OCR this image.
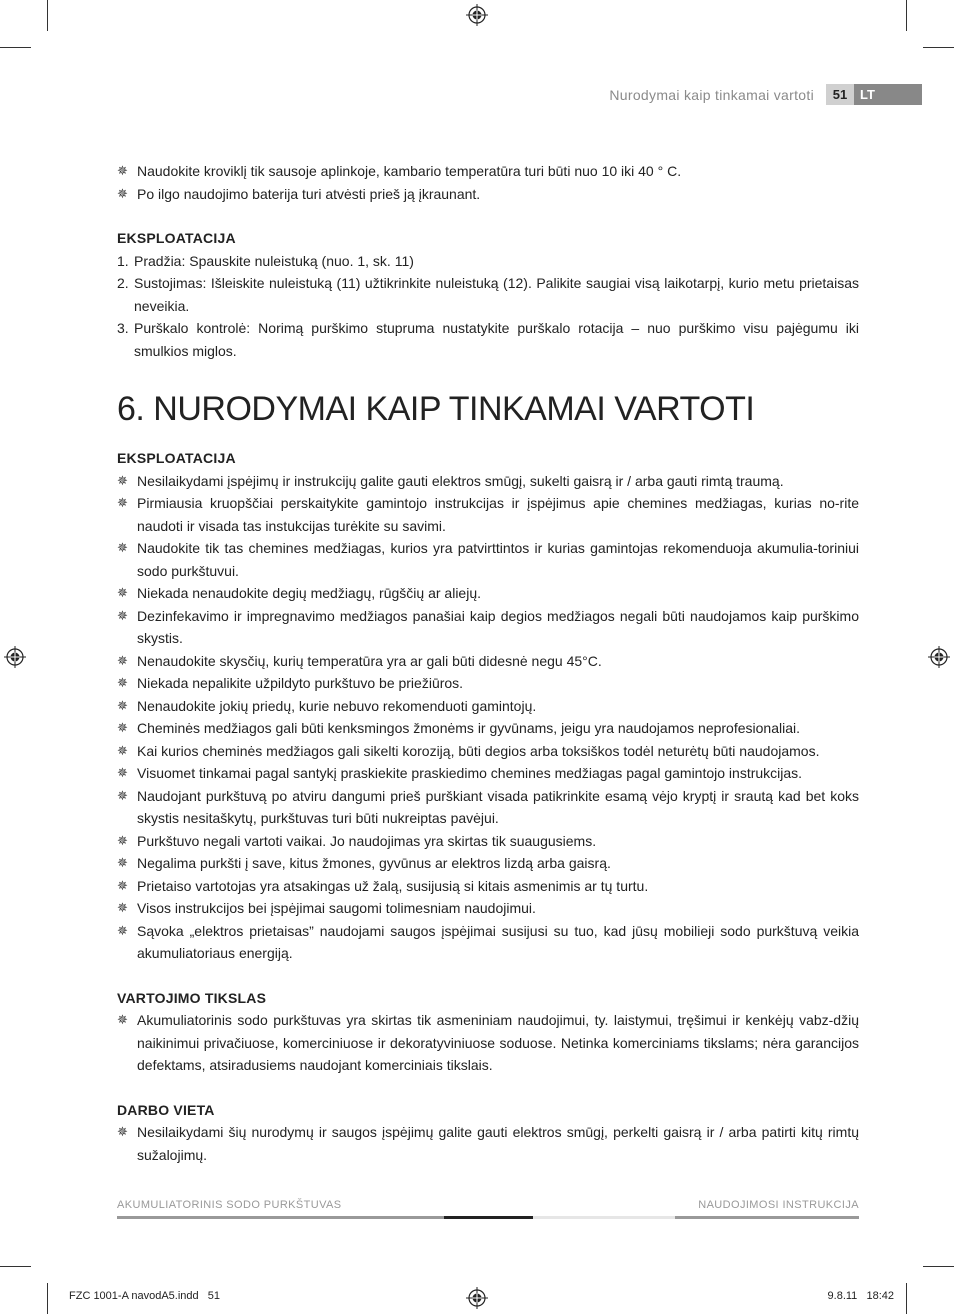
Nurodymai kaip tinkamai vartoti	51 LT
✵ Naudokite kroviklį tik sausoje aplinkoje, kambario temperatūra turi būti nuo 10 iki 40 ° C.
✵ Po ilgo naudojimo baterija turi atvėsti prieš ją įkraunant.
EKSPLOATACIJA
1. Pradžia: Spauskite nuleistuką (nuo. 1, sk. 11)
2. Sustojimas: Išleiskite nuleistuką (11) užtikrinkite nuleistuką (12). Palikite saugiai visą laikotarpį, kurio metu prietaisas neveikia.
3. Purškalo kontrolė: Norimą purškimo stupruma nustatykite purškalo rotacija – nuo purškimo visu pajėgumu iki smulkios miglos.
6. NURODYMAI KAIP TINKAMAI VARTOTI
EKSPLOATACIJA
✵ Nesilaikydami įspėjimų ir instrukcijų galite gauti elektros smūgį, sukelti gaisrą ir / arba gauti rimtą traumą.
✵ Pirmiausia kruopščiai perskaitykite gamintojo instrukcijas ir įspėjimus apie chemines medžiagas, kurias no-rite naudoti ir visada tas instukcijas turėkite su savimi.
✵ Naudokite tik tas chemines medžiagas, kurios yra patvirttintos ir kurias gamintojas rekomenduoja akumulia-toriniui sodo purkštuvui.
✵ Niekada nenaudokite degių medžiagų, rūgščių ar aliejų.
✵ Dezinfekavimo ir impregnavimo medžiagos panašiai kaip degios medžiagos negali būti naudojamos kaip purškimo skystis.
✵ Nenaudokite skysčių, kurių temperatūra yra ar gali būti didesnė negu 45°C.
✵ Niekada nepalikite užpildyto purkštuvo be priežiūros.
✵ Nenaudokite jokių priedų, kurie nebuvo rekomenduoti gamintojų.
✵ Cheminės medžiagos gali būti kenksmingos žmonėms ir gyvūnams, jeigu yra naudojamos neprofesionaliai.
✵ Kai kurios cheminės medžiagos gali sikelti koroziją, būti degios arba toksiškos todėl neturėtų būti naudojamos.
✵ Visuomet tinkamai pagal santykį praskiekite praskiedimo chemines medžiagas pagal gamintojo instrukcijas.
✵ Naudojant purkštuvą po atviru dangumi prieš purškiant visada patikrinkite esamą vėjo kryptį ir srautą kad bet koks skystis nesitaškytų, purkštuvas turi būti nukreiptas pavėjui.
✵ Purkštuvo negali vartoti vaikai. Jo naudojimas yra skirtas tik suaugusiems.
✵ Negalima purkšti į save, kitus žmones, gyvūnus ar elektros lizdą arba gaisrą.
✵ Prietaiso vartotojas yra atsakingas už žalą, susijusią si kitais asmenimis ar tų turtu.
✵ Visos instrukcijos bei įspėjimai saugomi tolimesniam naudojimui.
✵ Sąvoka „elektros prietaisas” naudojami saugos įspėjimai susijusi su tuo, kad jūsų mobilieji sodo purkštuvą veikia akumuliatoriaus energiją.
VARTOJIMO TIKSLAS
✵ Akumuliatorinis sodo purkštuvas yra skirtas tik asmeniniam naudojimui, ty. laistymui, tręšimui ir kenkėjų vabz-džių naikinimui privačiuose, komerciniuose ir dekoratyviniuose soduose. Netinka komerciniams tikslams; nėra garancijos defektams, atsiradusiems naudojant komerciniais tikslais.
DARBO VIETA
✵ Nesilaikydami šių nurodymų ir saugos įspėjimų galite gauti elektros smūgį, perkelti gaisrą ir / arba patirti kitų rimtų sužalojimų.
AKUMULIATORINIS SODO PURKŠTUVAS	NAUDOJIMOSI INSTRUKCIJA
FZC 1001-A navodA5.indd   51	9.8.11   18:42
